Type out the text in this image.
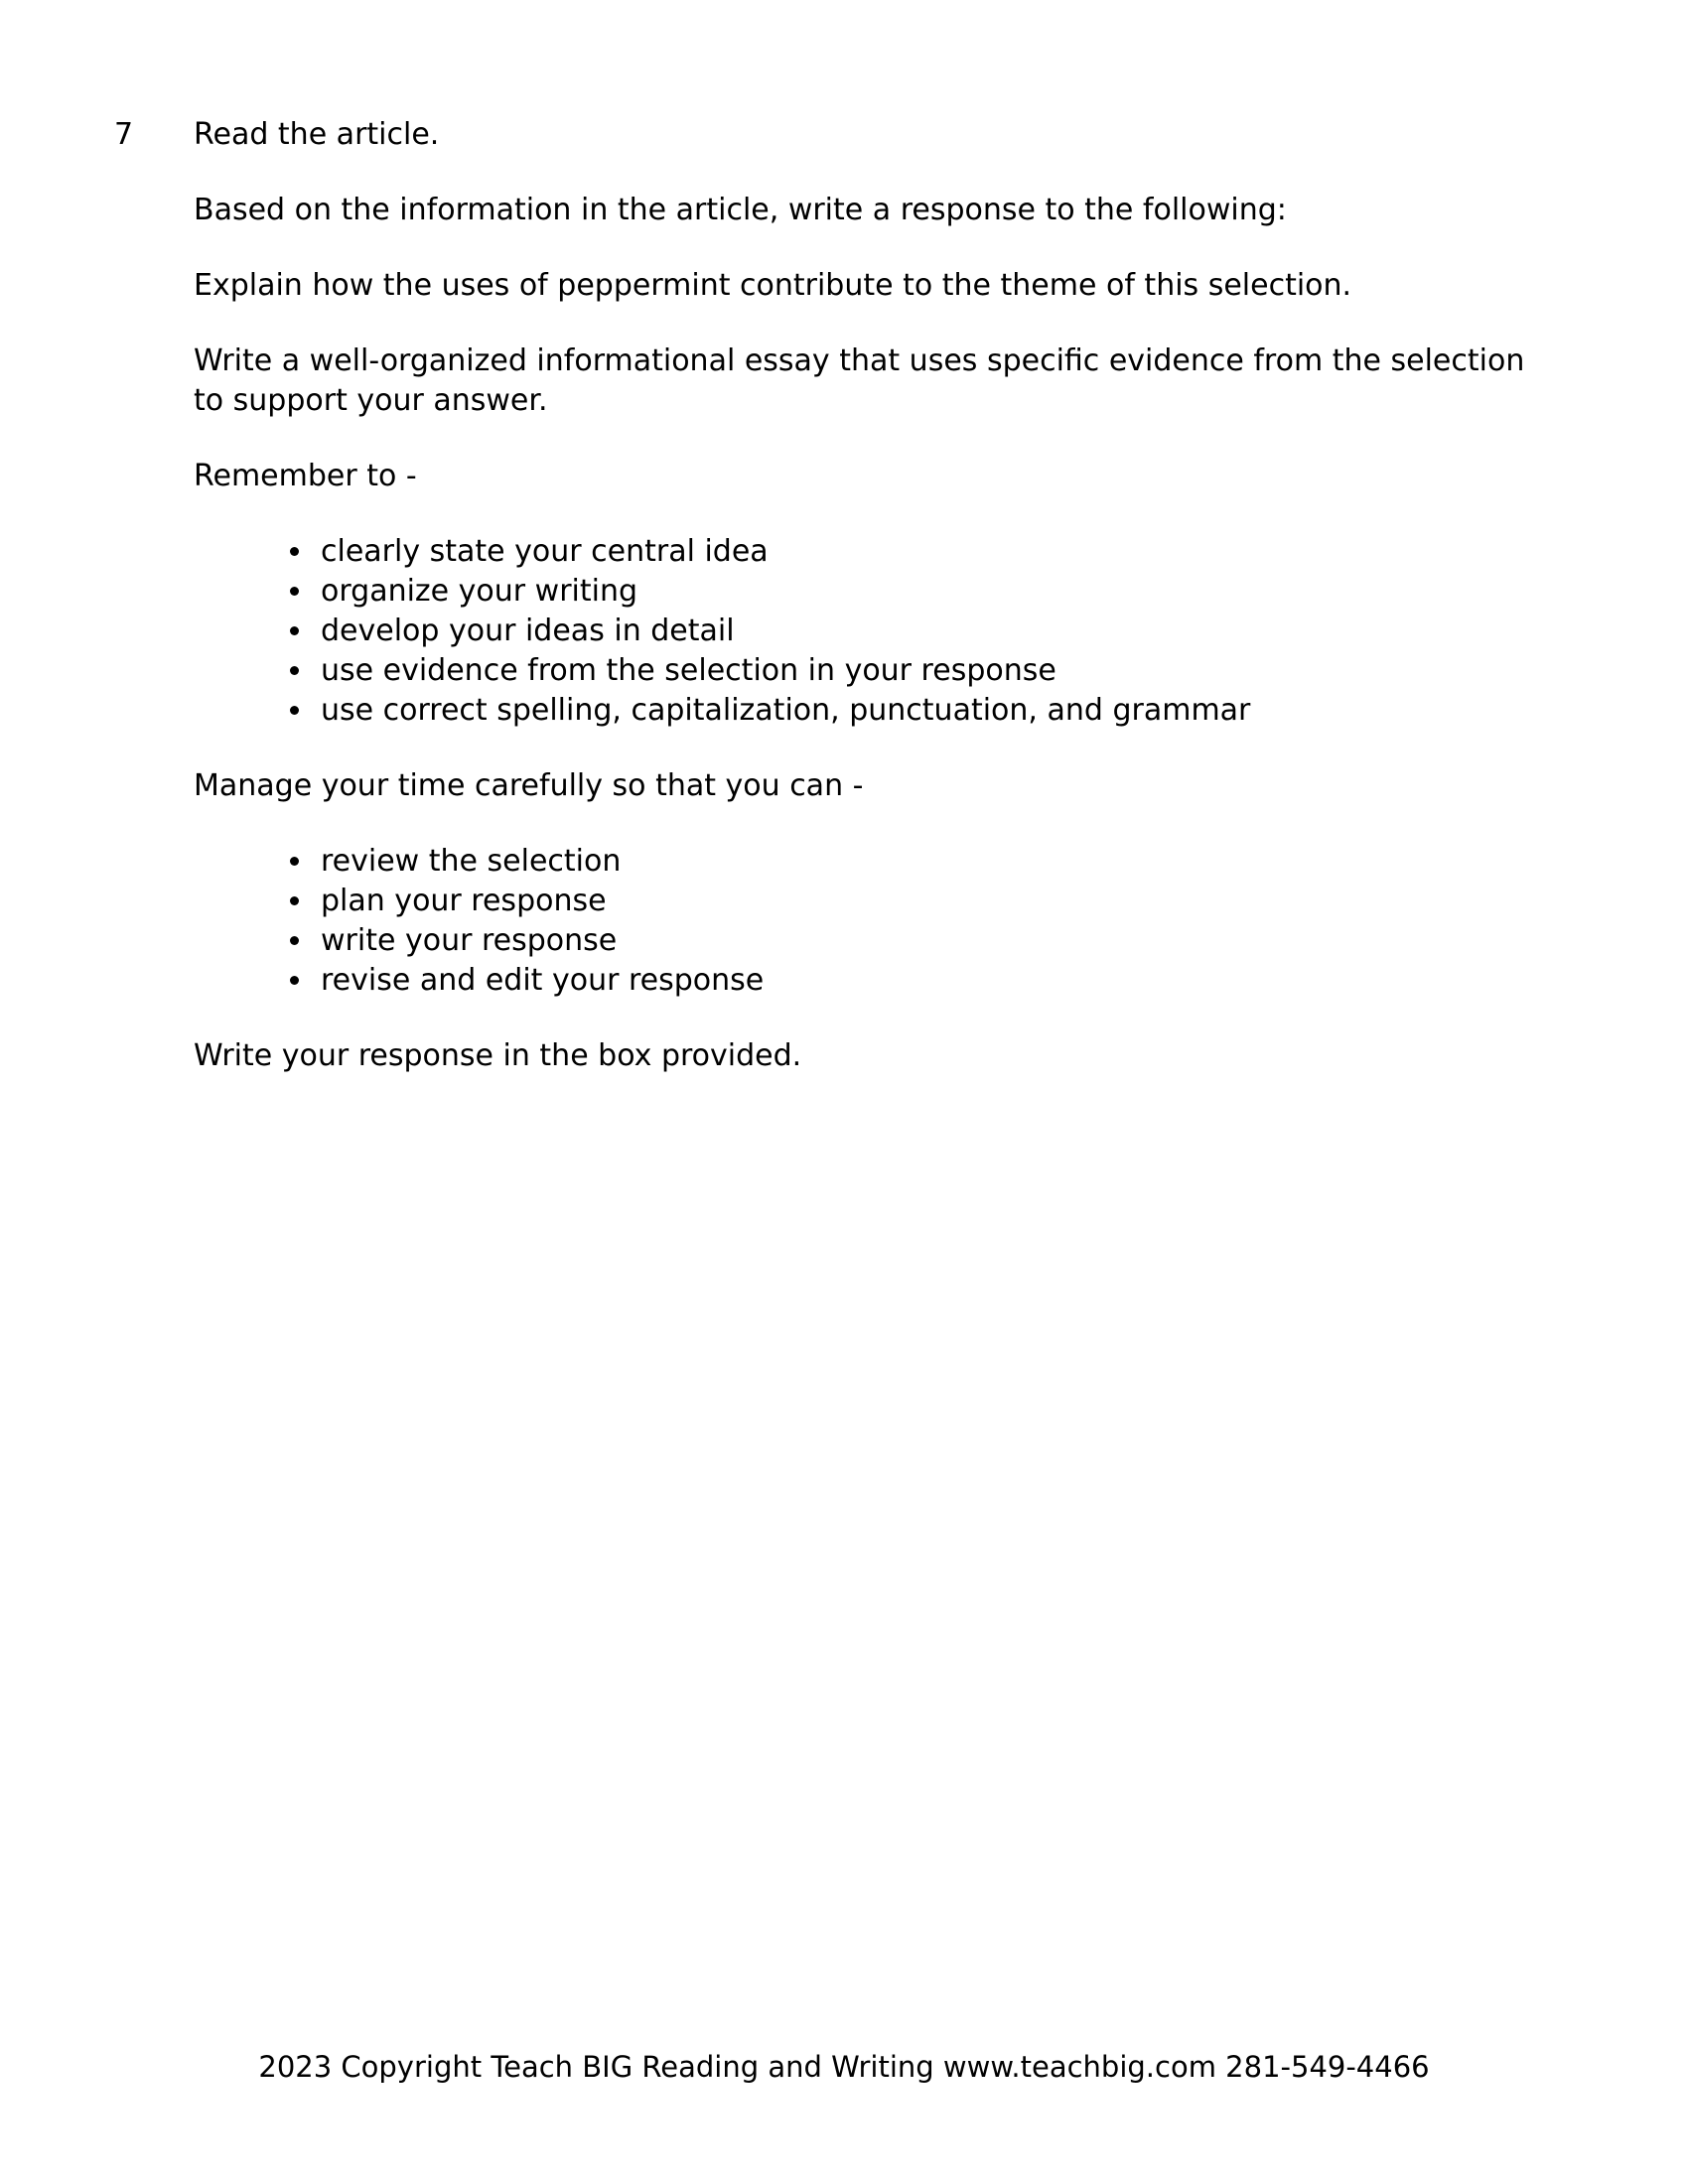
7	Read the article.

Based on the information in the article, write a response to the following:

Explain how the uses of peppermint contribute to the theme of this selection.

Write a well-organized informational essay that uses specific evidence from the selection to support your answer.

Remember to -

• clearly state your central idea
• organize your writing
• develop your ideas in detail
• use evidence from the selection in your response
• use correct spelling, capitalization, punctuation, and grammar

Manage your time carefully so that you can -

• review the selection
• plan your response
• write your response
• revise and edit your response

Write your response in the box provided.

2023 Copyright Teach BIG Reading and Writing www.teachbig.com 281-549-4466
